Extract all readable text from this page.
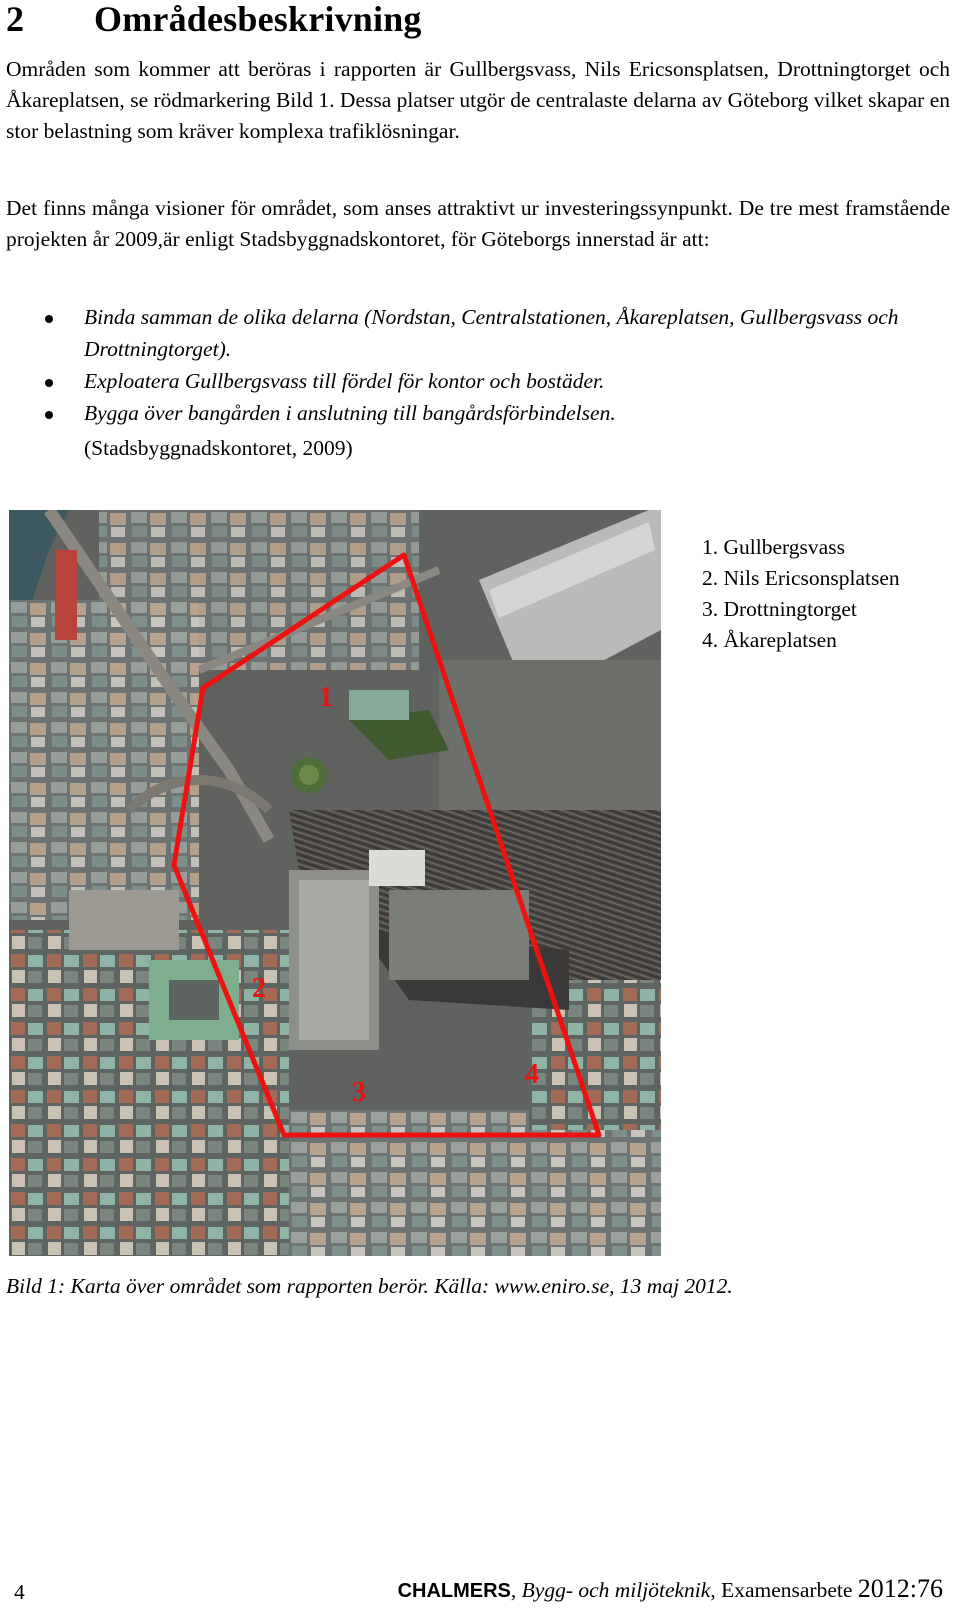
2 Områdesbeskrivning

Områden som kommer att beröras i rapporten är Gullbergsvass, Nils Ericsonsplatsen, Drottningtorget och Åkareplatsen, se rödmarkering Bild 1. Dessa platser utgör de centralaste delarna av Göteborg vilket skapar en stor belastning som kräver komplexa trafiklösningar.

Det finns många visioner för området, som anses attraktivt ur investeringssynpunkt. De tre mest framstående projekten år 2009,är enligt Stadsbyggnadskontoret, för Göteborgs innerstad är att:

Binda samman de olika delarna (Nordstan, Centralstationen, Åkareplatsen, Gullbergsvass och Drottningtorget).
Exploatera Gullbergsvass till fördel för kontor och bostäder.
Bygga över bangården i anslutning till bangårdsförbindelsen.
(Stadsbyggnadskontoret, 2009)
1
2
3
4
1. Gullbergsvass
2. Nils Ericsonsplatsen
3. Drottningtorget
4. Åkareplatsen
Bild 1: Karta över området som rapporten berör. Källa: www.eniro.se, 13 maj 2012.
4	CHALMERS, Bygg- och miljöteknik, Examensarbete 2012:76
